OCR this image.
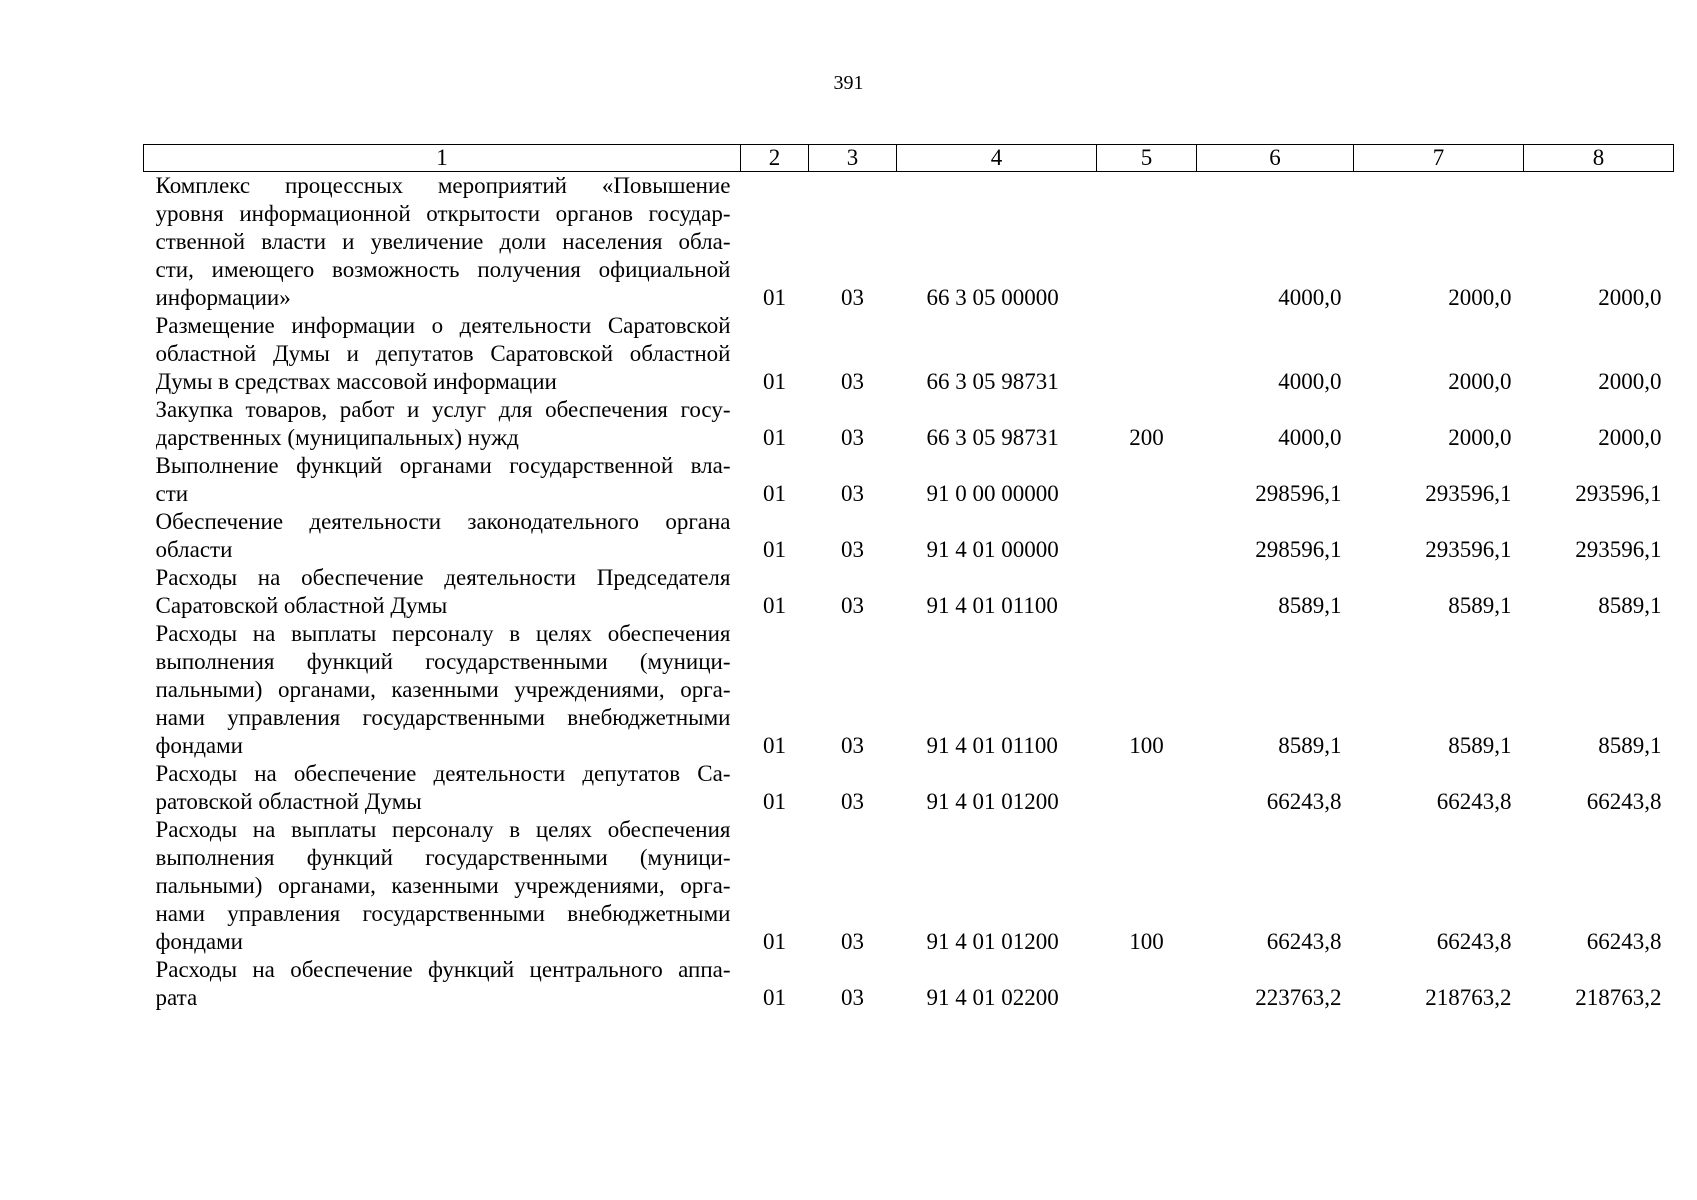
391
1	2	3	4	5	6	7	8

Комплекс процессных мероприятий «Повышение
уровня информационной открытости органов государ-
ственной власти и увеличение доли населения обла-
сти, имеющего возможность получения официальной
информации»	01	03	66 3 05 00000		4000,0	2000,0	2000,0

Размещение информации о деятельности Саратовской
областной Думы и депутатов Саратовской областной
Думы в средствах массовой информации	01	03	66 3 05 98731		4000,0	2000,0	2000,0

Закупка товаров, работ и услуг для обеспечения госу-
дарственных (муниципальных) нужд	01	03	66 3 05 98731	200	4000,0	2000,0	2000,0

Выполнение функций органами государственной вла-
сти	01	03	91 0 00 00000		298596,1	293596,1	293596,1

Обеспечение деятельности законодательного органа
области	01	03	91 4 01 00000		298596,1	293596,1	293596,1

Расходы на обеспечение деятельности Председателя
Саратовской областной Думы	01	03	91 4 01 01100		8589,1	8589,1	8589,1

Расходы на выплаты персоналу в целях обеспечения
выполнения функций государственными (муници-
пальными) органами, казенными учреждениями, орга-
нами управления государственными внебюджетными
фондами	01	03	91 4 01 01100	100	8589,1	8589,1	8589,1

Расходы на обеспечение деятельности депутатов Са-
ратовской областной Думы	01	03	91 4 01 01200		66243,8	66243,8	66243,8

Расходы на выплаты персоналу в целях обеспечения
выполнения функций государственными (муници-
пальными) органами, казенными учреждениями, орга-
нами управления государственными внебюджетными
фондами	01	03	91 4 01 01200	100	66243,8	66243,8	66243,8

Расходы на обеспечение функций центрального аппа-
рата	01	03	91 4 01 02200		223763,2	218763,2	218763,2
